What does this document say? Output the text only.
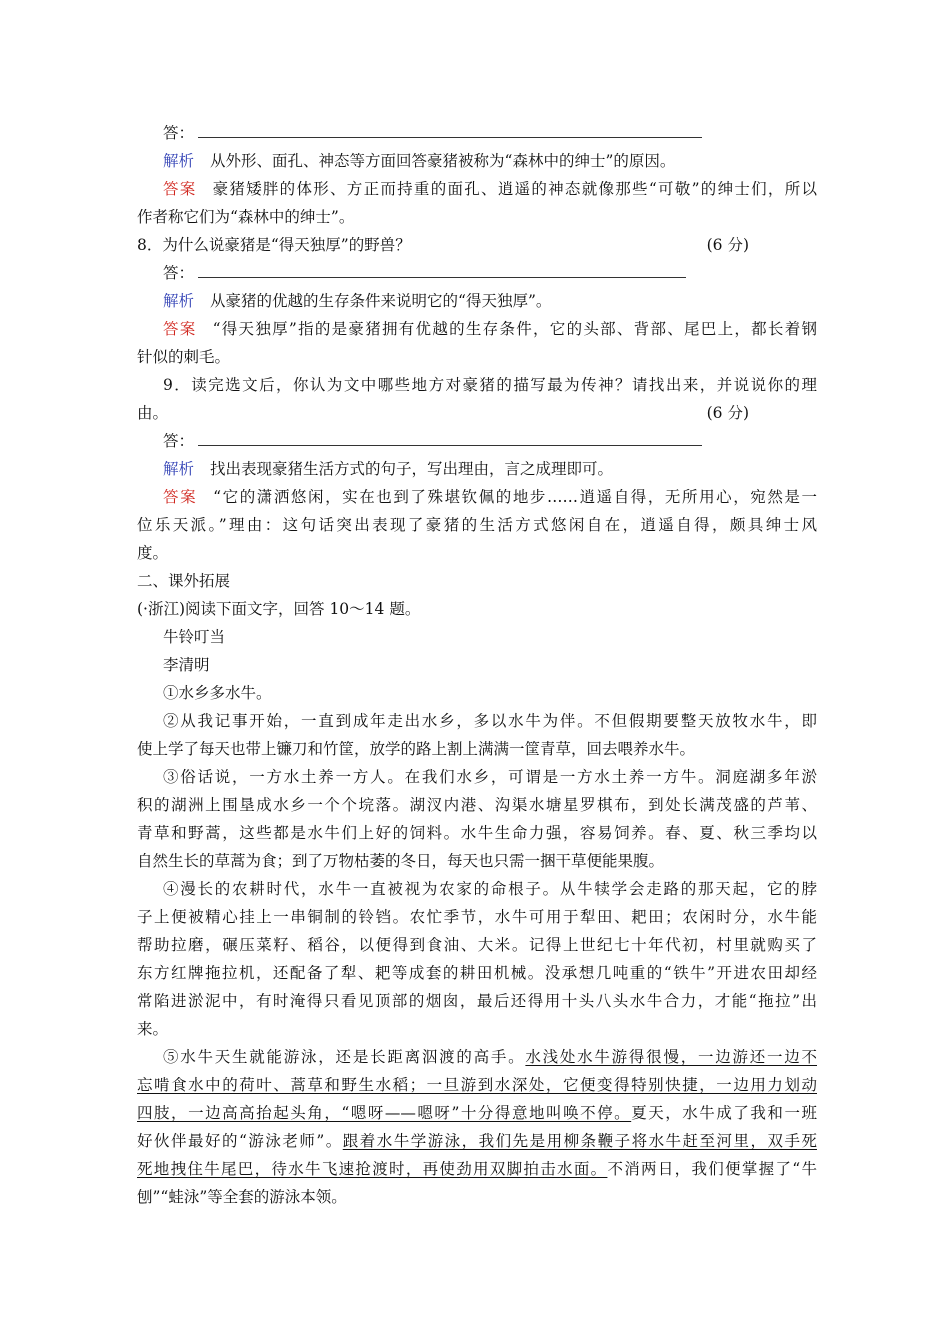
答：
解析 从外形、面孔、神态等方面回答豪猪被称为“森林中的绅士”的原因。
答案 豪猪矮胖的体形、方正而持重的面孔、逍遥的神态就像那些“可敬”的绅士们，所以
作者称它们为“森林中的绅士”。
8．为什么说豪猪是“得天独厚”的野兽？	(6 分)
答：
解析 从豪猪的优越的生存条件来说明它的“得天独厚”。
答案 “得天独厚”指的是豪猪拥有优越的生存条件，它的头部、背部、尾巴上，都长着钢
针似的刺毛。
9．读完选文后，你认为文中哪些地方对豪猪的描写最为传神？请找出来，并说说你的理
由。	(6 分)
答：
解析 找出表现豪猪生活方式的句子，写出理由，言之成理即可。
答案 “它的潇洒悠闲，实在也到了殊堪钦佩的地步……逍遥自得，无所用心，宛然是一
位乐天派。”理由：这句话突出表现了豪猪的生活方式悠闲自在，逍遥自得，颇具绅士风
度。
二、课外拓展
(·浙江)阅读下面文字，回答 10～14 题。
牛铃叮当
李清明
①水乡多水牛。
②从我记事开始，一直到成年走出水乡，多以水牛为伴。不但假期要整天放牧水牛，即
使上学了每天也带上镰刀和竹筐，放学的路上割上满满一筐青草，回去喂养水牛。
③俗话说，一方水土养一方人。在我们水乡，可谓是一方水土养一方牛。洞庭湖多年淤
积的湖洲上围垦成水乡一个个垸落。湖汊内港、沟渠水塘星罗棋布，到处长满茂盛的芦苇、
青草和野蒿，这些都是水牛们上好的饲料。水牛生命力强，容易饲养。春、夏、秋三季均以
自然生长的草蒿为食；到了万物枯萎的冬日，每天也只需一捆干草便能果腹。
④漫长的农耕时代，水牛一直被视为农家的命根子。从牛犊学会走路的那天起，它的脖
子上便被精心挂上一串铜制的铃铛。农忙季节，水牛可用于犁田、耙田；农闲时分，水牛能
帮助拉磨，碾压菜籽、稻谷，以便得到食油、大米。记得上世纪七十年代初，村里就购买了
东方红牌拖拉机，还配备了犁、耙等成套的耕田机械。没承想几吨重的“铁牛”开进农田却经
常陷进淤泥中，有时淹得只看见顶部的烟囱，最后还得用十头八头水牛合力，才能“拖拉”出
来。
⑤水牛天生就能游泳，还是长距离泅渡的高手。水浅处水牛游得很慢，一边游还一边不
忘啃食水中的荷叶、蒿草和野生水稻；一旦游到水深处，它便变得特别快捷，一边用力划动
四肢，一边高高抬起头角，“嗯呀——嗯呀”十分得意地叫唤不停。夏天，水牛成了我和一班
好伙伴最好的“游泳老师”。跟着水牛学游泳，我们先是用柳条鞭子将水牛赶至河里，双手死
死地拽住牛尾巴，待水牛飞速抢渡时，再使劲用双脚拍击水面。不消两日，我们便掌握了“牛
刨”“蛙泳”等全套的游泳本领。
